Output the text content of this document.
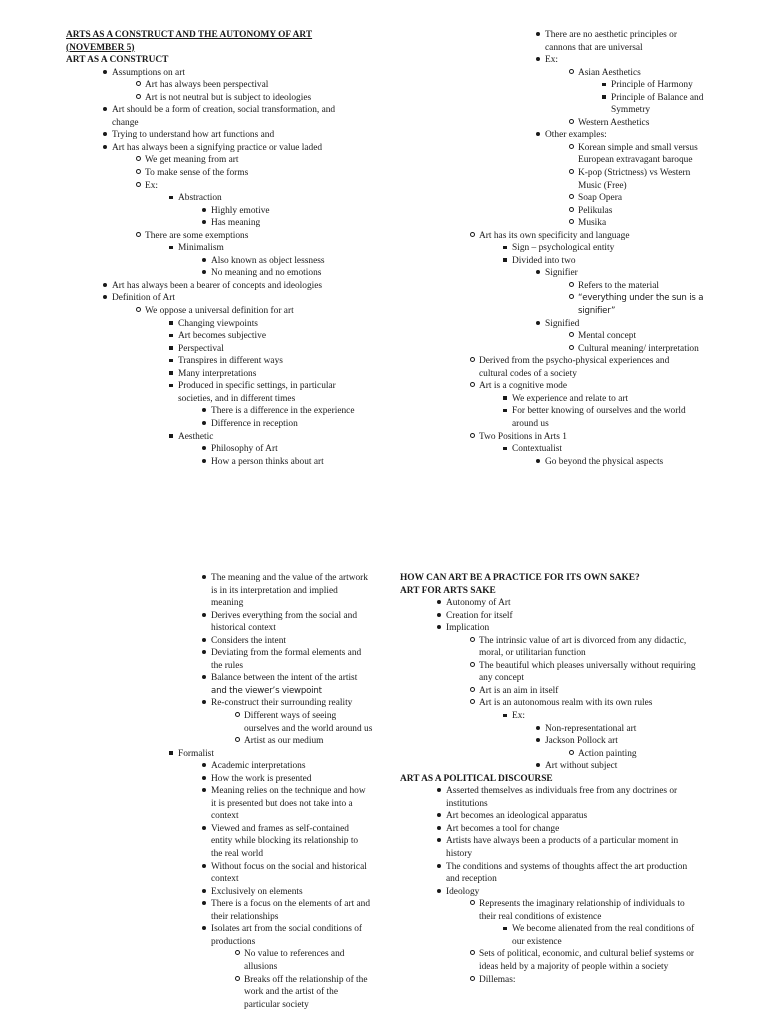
ARTS AS A CONSTRUCT AND THE AUTONOMY OF ART
(NOVEMBER 5)
ART AS A CONSTRUCT
Assumptions on art
Art has always been perspectival
Art is not neutral but is subject to ideologies
Art should be a form of creation, social transformation, and
change
Trying to understand how art functions and
Art has always been a signifying practice or value laded
We get meaning from art
To make sense of the forms
Ex:
Abstraction
Highly emotive
Has meaning
There are some exemptions
Minimalism
Also known as object lessness
No meaning and no emotions
Art has always been a bearer of concepts and ideologies
Definition of Art
We oppose a universal definition for art
Changing viewpoints
Art becomes subjective
Perspectival
Transpires in different ways
Many interpretations
Produced in specific settings, in particular
societies, and in different times
There is a difference in the experience
Difference in reception
Aesthetic
Philosophy of Art
How a person thinks about art
There are no aesthetic principles or
cannons that are universal
Ex:
Asian Aesthetics
Principle of Harmony
Principle of Balance and
Symmetry
Western Aesthetics
Other examples:
Korean simple and small versus
European extravagant baroque
K-pop (Strictness) vs Western
Music (Free)
Soap Opera
Pelikulas
Musika
Art has its own specificity and language
Sign – psychological entity
Divided into two
Signifier
Refers to the material
“everything under the sun is a
signifier”
Signified
Mental concept
Cultural meaning/ interpretation
Derived from the psycho-physical experiences and
cultural codes of a society
Art is a cognitive mode
We experience and relate to art
For better knowing of ourselves and the world
around us
Two Positions in Arts 1
Contextualist
Go beyond the physical aspects
The meaning and the value of the artwork
is in its interpretation and implied
meaning
Derives everything from the social and
historical context
Considers the intent
Deviating from the formal elements and
the rules
Balance between the intent of the artist
and the viewer’s viewpoint
Re-construct their surrounding reality
Different ways of seeing
ourselves and the world around us
Artist as our medium
Formalist
Academic interpretations
How the work is presented
Meaning relies on the technique and how
it is presented but does not take into a
context
Viewed and frames as self-contained
entity while blocking its relationship to
the real world
Without focus on the social and historical
context
Exclusively on elements
There is a focus on the elements of art and
their relationships
Isolates art from the social conditions of
productions
No value to references and
allusions
Breaks off the relationship of the
work and the artist of the
particular society
HOW CAN ART BE A PRACTICE FOR ITS OWN SAKE?
ART FOR ARTS SAKE
Autonomy of Art
Creation for itself
Implication
The intrinsic value of art is divorced from any didactic,
moral, or utilitarian function
The beautiful which pleases universally without requiring
any concept
Art is an aim in itself
Art is an autonomous realm with its own rules
Ex:
Non-representational art
Jackson Pollock art
Action painting
Art without subject
ART AS A POLITICAL DISCOURSE
Asserted themselves as individuals free from any doctrines or
institutions
Art becomes an ideological apparatus
Art becomes a tool for change
Artists have always been a products of a particular moment in
history
The conditions and systems of thoughts affect the art production
and reception
Ideology
Represents the imaginary relationship of individuals to
their real conditions of existence
We become alienated from the real conditions of
our existence
Sets of political, economic, and cultural belief systems or
ideas held by a majority of people within a society
Dillemas:
